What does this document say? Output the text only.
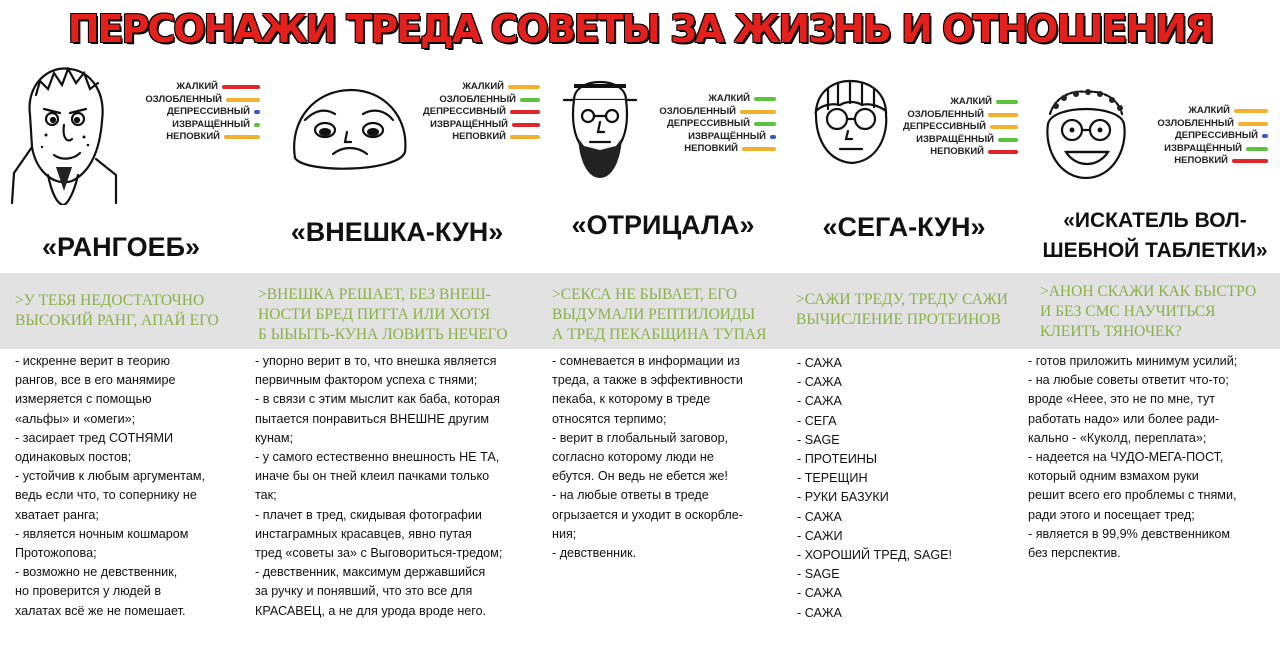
ПЕРСОНАЖИ ТРЕДА СОВЕТЫ ЗА ЖИЗНЬ И ОТНОШЕНИЯ
ЖАЛКИЙ
ОЗЛОБЛЕННЫЙ
ДЕПРЕССИВНЫЙ
ИЗВРАЩЁННЫЙ
НЕПОВКИЙ
«РАНГОЕБ»
ЖАЛКИЙ
ОЗЛОБЛЕННЫЙ
ДЕПРЕССИВНЫЙ
ИЗВРАЩЁННЫЙ
НЕПОВКИЙ
«ВНЕШКА-КУН»
ЖАЛКИЙ
ОЗЛОБЛЕННЫЙ
ДЕПРЕССИВНЫЙ
ИЗВРАЩЁННЫЙ
НЕПОВКИЙ
«ОТРИЦАЛА»
ЖАЛКИЙ
ОЗЛОБЛЕННЫЙ
ДЕПРЕССИВНЫЙ
ИЗВРАЩЁННЫЙ
НЕПОВКИЙ
«СЕГА-КУН»
ЖАЛКИЙ
ОЗЛОБЛЕННЫЙ
ДЕПРЕССИВНЫЙ
ИЗВРАЩЁННЫЙ
НЕПОВКИЙ
«ИСКАТЕЛЬ ВОЛ-
ШЕБНОЙ ТАБЛЕТКИ»
>У ТЕБЯ НЕДОСТАТОЧНО
ВЫСОКИЙ РАНГ, АПАЙ ЕГО
>ВНЕШКА РЕШАЕТ, БЕЗ ВНЕШ-
НОСТИ БРЕД ПИТТА ИЛИ ХОТЯ
Б ЫЫЫТЬ-КУНА ЛОВИТЬ НЕЧЕГО
>СЕКСА НЕ БЫВАЕТ, ЕГО
ВЫДУМАЛИ РЕПТИЛОИДЫ
А ТРЕД ПЕКАБЩИНА ТУПАЯ
>САЖИ ТРЕДУ, ТРЕДУ САЖИ
ВЫЧИСЛЕНИЕ ПРОТЕИНОВ
>АНОН СКАЖИ КАК БЫСТРО
И БЕЗ СМС НАУЧИТЬСЯ
КЛЕИТЬ ТЯНОЧЕК?
- искренне верит в теорию
рангов, все в его манямире
измеряется с помощью
«альфы» и «омеги»;
- засирает тред СОТНЯМИ
одинаковых постов;
- устойчив к любым аргументам,
ведь если что, то сопернику не
хватает ранга;
- является ночным кошмаром
Протожопова;
- возможно не девственник,
но проверится у людей в
халатах всё же не помешает.
- упорно верит в то, что внешка является
первичным фактором успеха с тнями;
- в связи с этим мыслит как баба, которая
пытается понравиться ВНЕШНЕ другим
кунам;
- у самого естественно внешность НЕ ТА,
иначе бы он тней клеил пачками только
так;
- плачет в тред, скидывая фотографии
инстаграмных красавцев, явно путая
тред «советы за» с Выговориться-тредом;
- девственник, максимум державшийся
за ручку и понявший, что это все для
КРАСАВЕЦ, а не для урода вроде него.
- сомневается в информации из
треда, а также в эффективности
пекаба, к которому в треде
относятся терпимо;
- верит в глобальный заговор,
согласно которому люди не
ебутся. Он ведь не ебется же!
- на любые ответы в треде
огрызается и уходит в оскорбле-
ния;
- девственник.
- САЖА
- САЖА
- САЖА
- СЕГА
- SAGE
- ПРОТЕИНЫ
- ТЕРЕЩИН
- РУКИ БАЗУКИ
- САЖА
- САЖИ
- ХОРОШИЙ ТРЕД, SAGE!
- SAGE
- САЖА
- САЖА
- готов приложить минимум усилий;
- на любые советы ответит что-то;
вроде «Неее, это не по мне, тут
работать надо» или более ради-
кально - «Куколд, переплата»;
- надеется на ЧУДО-МЕГА-ПОСТ,
который одним взмахом руки
решит всего его проблемы с тнями,
ради этого и посещает тред;
- является в 99,9% девственником
без перспектив.
